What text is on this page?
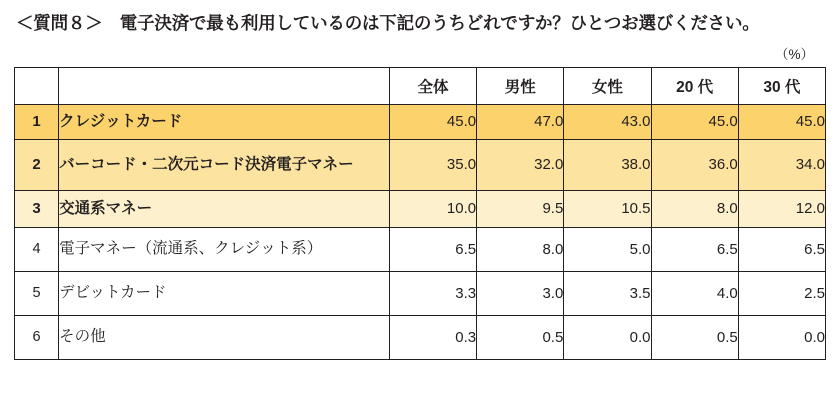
＜質問８＞　電子決済で最も利用しているのは下記のうちどれですか？ひとつお選びください。
（%）
		全体	男性	女性	20 代	30 代
1	クレジットカード	45.0	47.0	43.0	45.0	45.0
2	バーコード・二次元コード決済電子マネー	35.0	32.0	38.0	36.0	34.0
3	交通系マネー	10.0	9.5	10.5	8.0	12.0
4	電子マネー（流通系、クレジット系）	6.5	8.0	5.0	6.5	6.5
5	デビットカード	3.3	3.0	3.5	4.0	2.5
6	その他	0.3	0.5	0.0	0.5	0.0
